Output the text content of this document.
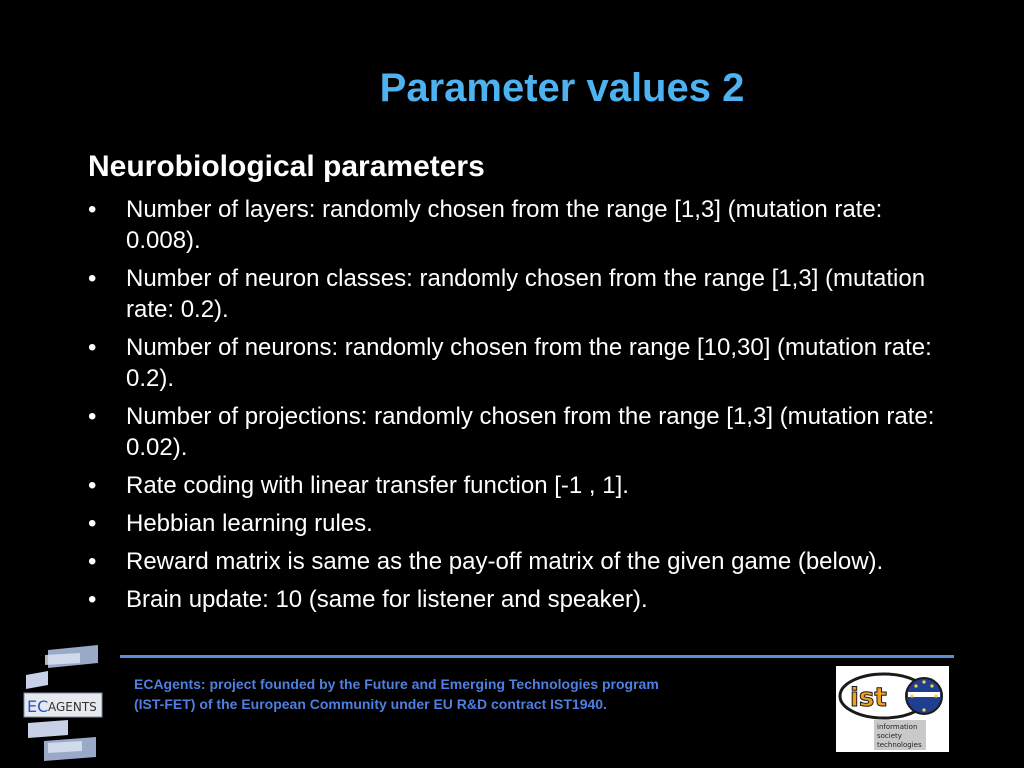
Parameter values 2
Neurobiological parameters
• Number of layers: randomly chosen from the range [1,3] (mutation rate: 0.008).
• Number of neuron classes: randomly chosen from the range [1,3] (mutation rate: 0.2).
• Number of neurons: randomly chosen from the range [10,30] (mutation rate: 0.2).
• Number of projections: randomly chosen from the range [1,3] (mutation rate: 0.02).
• Rate coding with linear transfer function [-1 , 1].
• Hebbian learning rules.
• Reward matrix is same as the pay-off matrix of the given game (below).
• Brain update: 10 (same for listener and speaker).
ECAgents: project founded by the Future and Emerging Technologies program
(IST-FET) of the European Community under EU R&D contract IST1940.
EC AGENTS	ist
information
society
technologies
